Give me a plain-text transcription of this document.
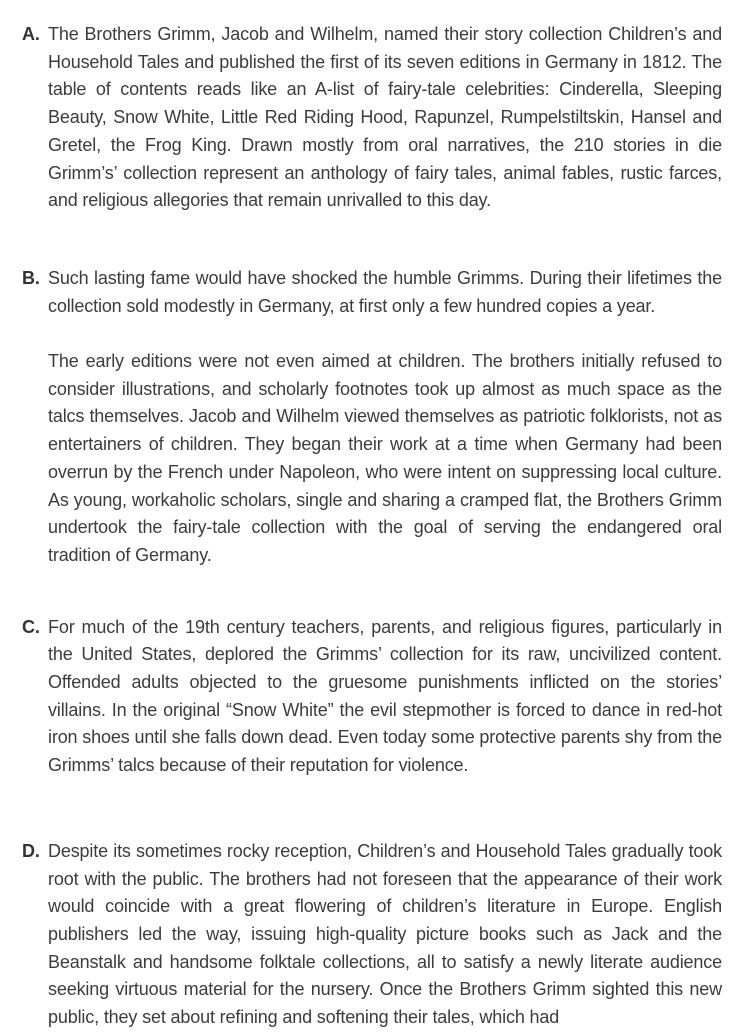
A. The Brothers Grimm, Jacob and Wilhelm, named their story collection Children’s and Household Tales and published the first of its seven editions in Germany in 1812. The table of contents reads like an A-list of fairy-tale celebrities: Cinderella, Sleeping Beauty, Snow White, Little Red Riding Hood, Rapunzel, Rumpelstiltskin, Hansel and Gretel, the Frog King. Drawn mostly from oral narratives, the 210 stories in die Grimm’s’ collection represent an anthology of fairy tales, animal fables, rustic farces, and religious allegories that remain unrivalled to this day.

B. Such lasting fame would have shocked the humble Grimms. During their lifetimes the collection sold modestly in Germany, at first only a few hundred copies a year.

The early editions were not even aimed at children. The brothers initially refused to consider illustrations, and scholarly footnotes took up almost as much space as the talcs themselves. Jacob and Wilhelm viewed themselves as patriotic folklorists, not as entertainers of children. They began their work at a time when Germany had been overrun by the French under Napoleon, who were intent on suppressing local culture. As young, workaholic scholars, single and sharing a cramped flat, the Brothers Grimm undertook the fairy-tale collection with the goal of serving the endangered oral tradition of Germany.

C. For much of the 19th century teachers, parents, and religious figures, particularly in the United States, deplored the Grimms’ collection for its raw, uncivilized content. Offended adults objected to the gruesome punishments inflicted on the stories’ villains. In the original “Snow White” the evil stepmother is forced to dance in red-hot iron shoes until she falls down dead. Even today some protective parents shy from the Grimms’ talcs because of their reputation for violence.

D. Despite its sometimes rocky reception, Children’s and Household Tales gradually took root with the public. The brothers had not foreseen that the appearance of their work would coincide with a great flowering of children’s literature in Europe. English publishers led the way, issuing high-quality picture books such as Jack and the Beanstalk and handsome folktale collections, all to satisfy a newly literate audience seeking virtuous material for the nursery. Once the Brothers Grimm sighted this new public, they set about refining and softening their tales, which had
